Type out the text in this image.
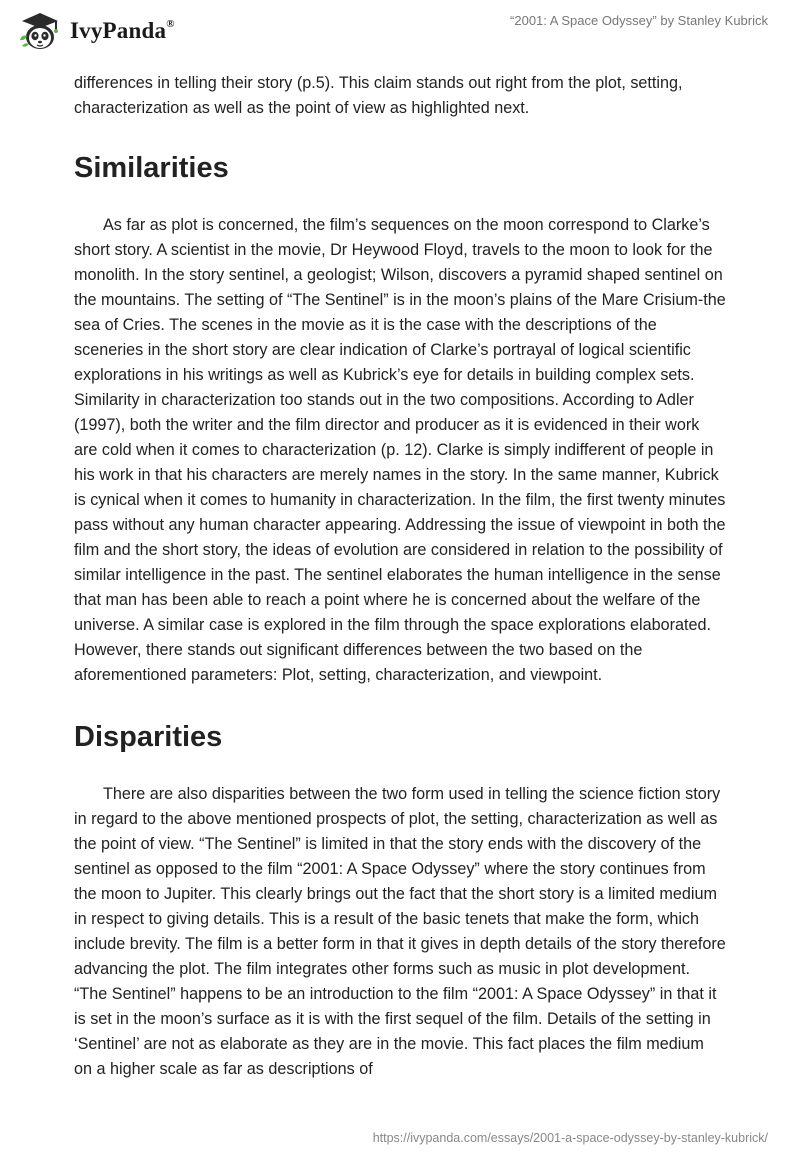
IvyPanda®	“2001: A Space Odyssey” by Stanley Kubrick

differences in telling their story (p.5). This claim stands out right from the plot, setting, characterization as well as the point of view as highlighted next.

Similarities

As far as plot is concerned, the film’s sequences on the moon correspond to Clarke’s short story. A scientist in the movie, Dr Heywood Floyd, travels to the moon to look for the monolith. In the story sentinel, a geologist; Wilson, discovers a pyramid shaped sentinel on the mountains. The setting of “The Sentinel” is in the moon’s plains of the Mare Crisium-the sea of Cries. The scenes in the movie as it is the case with the descriptions of the sceneries in the short story are clear indication of Clarke’s portrayal of logical scientific explorations in his writings as well as Kubrick’s eye for details in building complex sets. Similarity in characterization too stands out in the two compositions. According to Adler (1997), both the writer and the film director and producer as it is evidenced in their work are cold when it comes to characterization (p. 12). Clarke is simply indifferent of people in his work in that his characters are merely names in the story. In the same manner, Kubrick is cynical when it comes to humanity in characterization. In the film, the first twenty minutes pass without any human character appearing. Addressing the issue of viewpoint in both the film and the short story, the ideas of evolution are considered in relation to the possibility of similar intelligence in the past. The sentinel elaborates the human intelligence in the sense that man has been able to reach a point where he is concerned about the welfare of the universe. A similar case is explored in the film through the space explorations elaborated. However, there stands out significant differences between the two based on the aforementioned parameters: Plot, setting, characterization, and viewpoint.

Disparities

There are also disparities between the two form used in telling the science fiction story in regard to the above mentioned prospects of plot, the setting, characterization as well as the point of view. “The Sentinel” is limited in that the story ends with the discovery of the sentinel as opposed to the film “2001: A Space Odyssey” where the story continues from the moon to Jupiter. This clearly brings out the fact that the short story is a limited medium in respect to giving details. This is a result of the basic tenets that make the form, which include brevity. The film is a better form in that it gives in depth details of the story therefore advancing the plot. The film integrates other forms such as music in plot development. “The Sentinel” happens to be an introduction to the film “2001: A Space Odyssey” in that it is set in the moon’s surface as it is with the first sequel of the film. Details of the setting in ‘Sentinel’ are not as elaborate as they are in the movie. This fact places the film medium on a higher scale as far as descriptions of

https://ivypanda.com/essays/2001-a-space-odyssey-by-stanley-kubrick/
